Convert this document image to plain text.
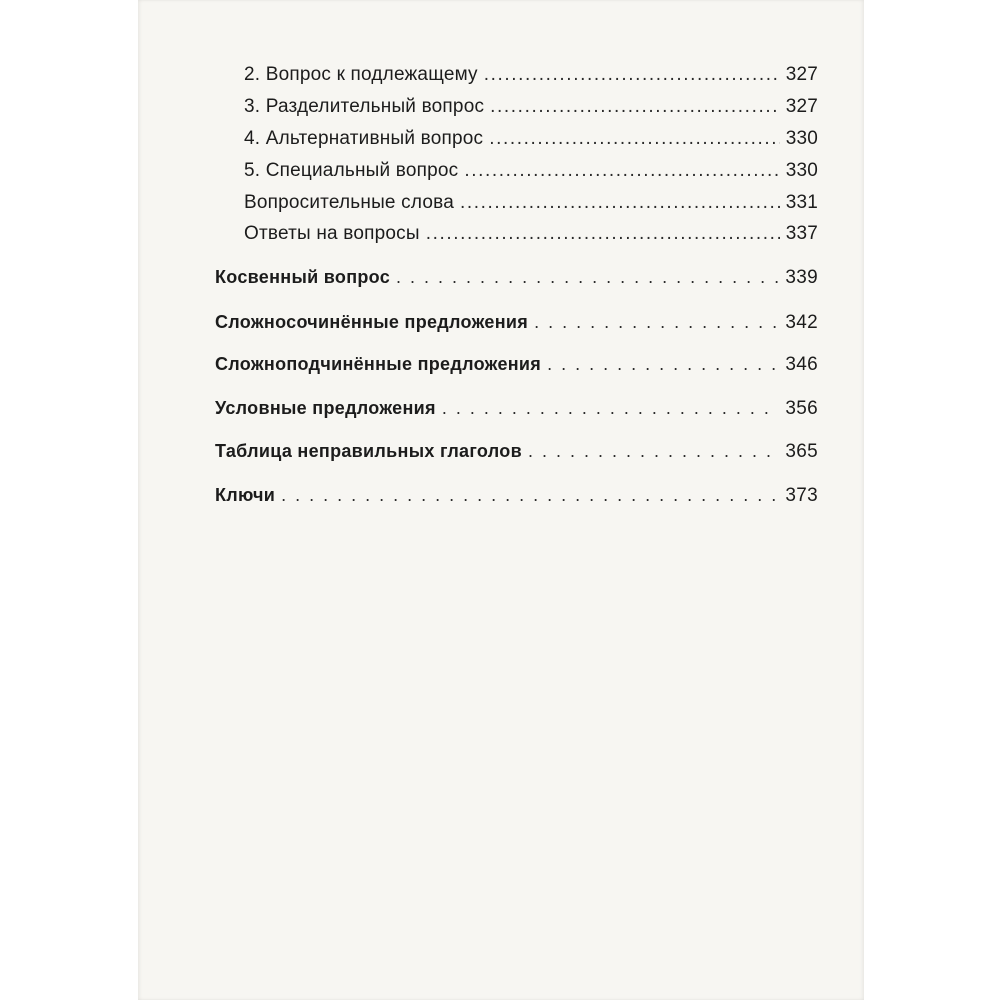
2. Вопрос к подлежащему .....	327
3. Разделительный вопрос .....	327
4. Альтернативный вопрос .....	330
5. Специальный вопрос .....	330
Вопросительные слова .....	331
Ответы на вопросы .....	337
Косвенный вопрос . . .	339
Сложносочинённые предложения . . .	342
Сложноподчинённые предложения . . .	346
Условные предложения . . .	356
Таблица неправильных глаголов . . .	365
Ключи . . .	373
